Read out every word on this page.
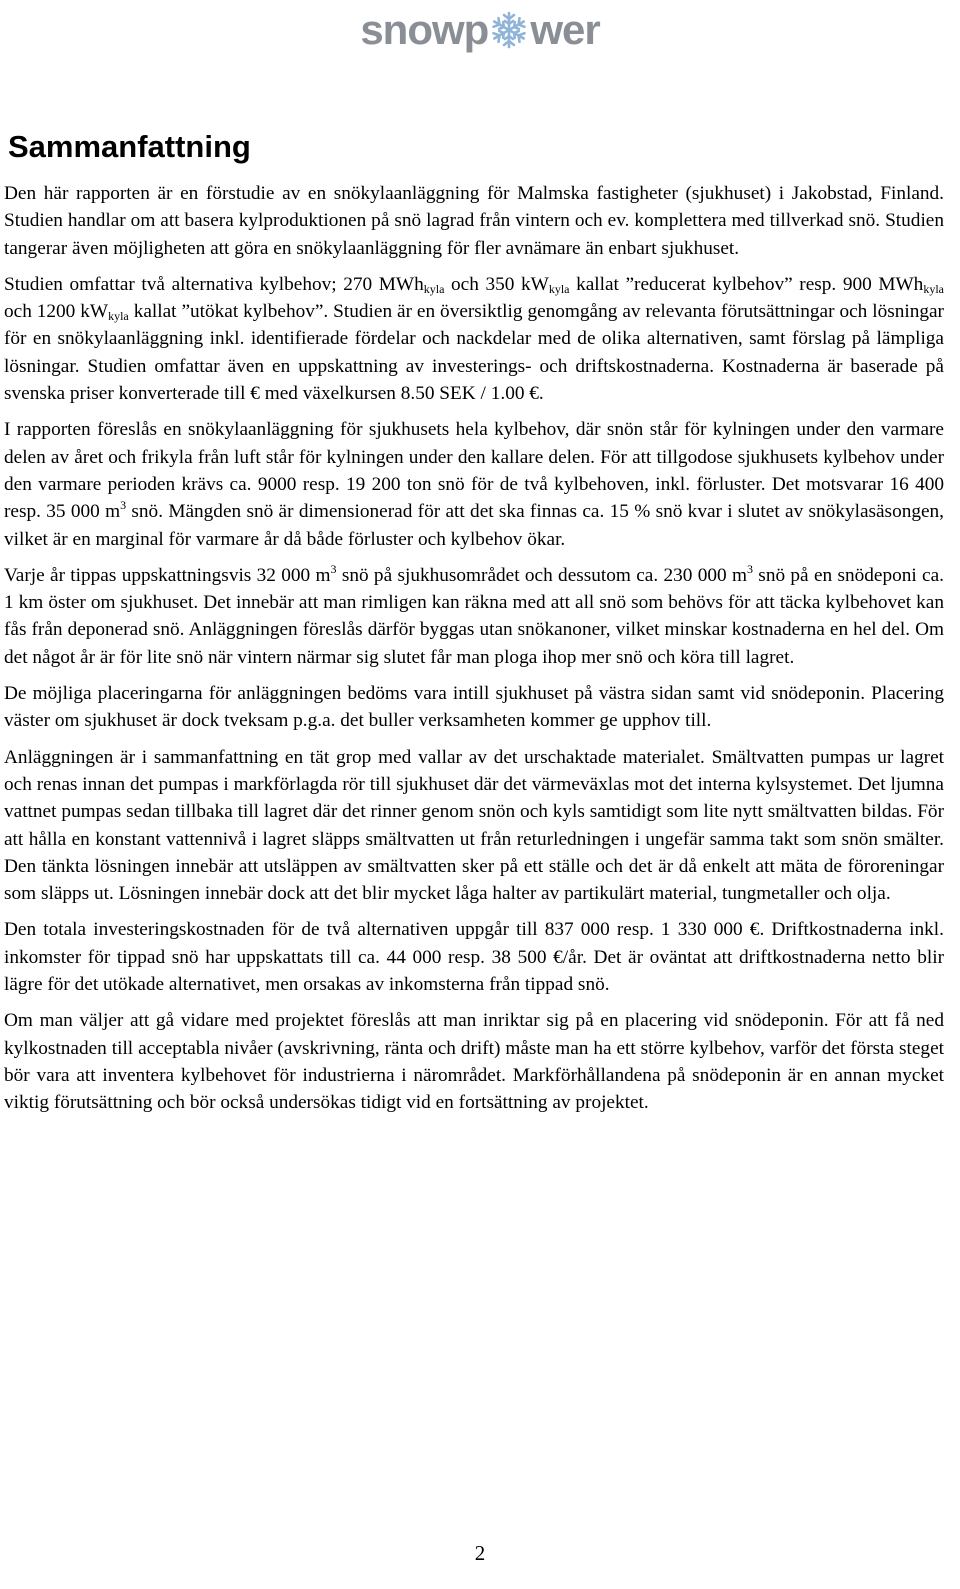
snowp wer
Sammanfattning

Den här rapporten är en förstudie av en snökylaanläggning för Malmska fastigheter (sjukhuset) i Jakobstad, Finland. Studien handlar om att basera kylproduktionen på snö lagrad från vintern och ev. komplettera med tillverkad snö. Studien tangerar även möjligheten att göra en snökylaanläggning för fler avnämare än enbart sjukhuset.

Studien omfattar två alternativa kylbehov; 270 MWh$_{kyla}$ och 350 $kW_{kyla}$ kallat ”reducerat kylbehov” resp. 900 MWh$_{kyla}$ och 1200 $kW_{kyla}$ kallat ”utökat kylbehov”. Studien är en översiktlig genomgång av relevanta förutsättningar och lösningar för en snökylaanläggning inkl. identifierade fördelar och nackdelar med de olika alternativen, samt förslag på lämpliga lösningar. Studien omfattar även en uppskattning av investerings- och driftskostnaderna. Kostnaderna är baserade på svenska priser konverterade till € med växelkursen 8.50 SEK / 1.00 €.

I rapporten föreslås en snökylaanläggning för sjukhusets hela kylbehov, där snön står för kylningen under den varmare delen av året och frikyla från luft står för kylningen under den kallare delen. För att tillgodose sjukhusets kylbehov under den varmare perioden krävs ca. 9000 resp. 19 200 ton snö för de två kylbehoven, inkl. förluster. Det motsvarar 16 400 resp. 35 000 $m^3$ snö. Mängden snö är dimensionerad för att det ska finnas ca. 15 % snö kvar i slutet av snökylasäsongen, vilket är en marginal för varmare år då både förluster och kylbehov ökar.

Varje år tippas uppskattningsvis 32 000 $m^3$ snö på sjukhusområdet och dessutom ca. 230 000 $m^3$ snö på en snödeponi ca. 1 km öster om sjukhuset. Det innebär att man rimligen kan räkna med att all snö som behövs för att täcka kylbehovet kan fås från deponerad snö. Anläggningen föreslås därför byggas utan snökanoner, vilket minskar kostnaderna en hel del. Om det något år är för lite snö när vintern närmar sig slutet får man ploga ihop mer snö och köra till lagret.

De möjliga placeringarna för anläggningen bedöms vara intill sjukhuset på västra sidan samt vid snödeponin. Placering väster om sjukhuset är dock tveksam p.g.a. det buller verksamheten kommer ge upphov till.

Anläggningen är i sammanfattning en tät grop med vallar av det urschaktade materialet. Smältvatten pumpas ur lagret och renas innan det pumpas i markförlagda rör till sjukhuset där det värmeväxlas mot det interna kylsystemet. Det ljumna vattnet pumpas sedan tillbaka till lagret där det rinner genom snön och kyls samtidigt som lite nytt smältvatten bildas. För att hålla en konstant vattennivå i lagret släpps smältvatten ut från returledningen i ungefär samma takt som snön smälter. Den tänkta lösningen innebär att utsläppen av smältvatten sker på ett ställe och det är då enkelt att mäta de föroreningar som släpps ut. Lösningen innebär dock att det blir mycket låga halter av partikulärt material, tungmetaller och olja.

Den totala investeringskostnaden för de två alternativen uppgår till 837 000 resp. 1 330 000 €. Driftkostnaderna inkl. inkomster för tippad snö har uppskattats till ca. 44 000 resp. 38 500 €/år. Det är oväntat att driftkostnaderna netto blir lägre för det utökade alternativet, men orsakas av inkomsterna från tippad snö.

Om man väljer att gå vidare med projektet föreslås att man inriktar sig på en placering vid snödeponin. För att få ned kylkostnaden till acceptabla nivåer (avskrivning, ränta och drift) måste man ha ett större kylbehov, varför det första steget bör vara att inventera kylbehovet för industrierna i närområdet. Markförhållandena på snödeponin är en annan mycket viktig förutsättning och bör också undersökas tidigt vid en fortsättning av projektet.

2
